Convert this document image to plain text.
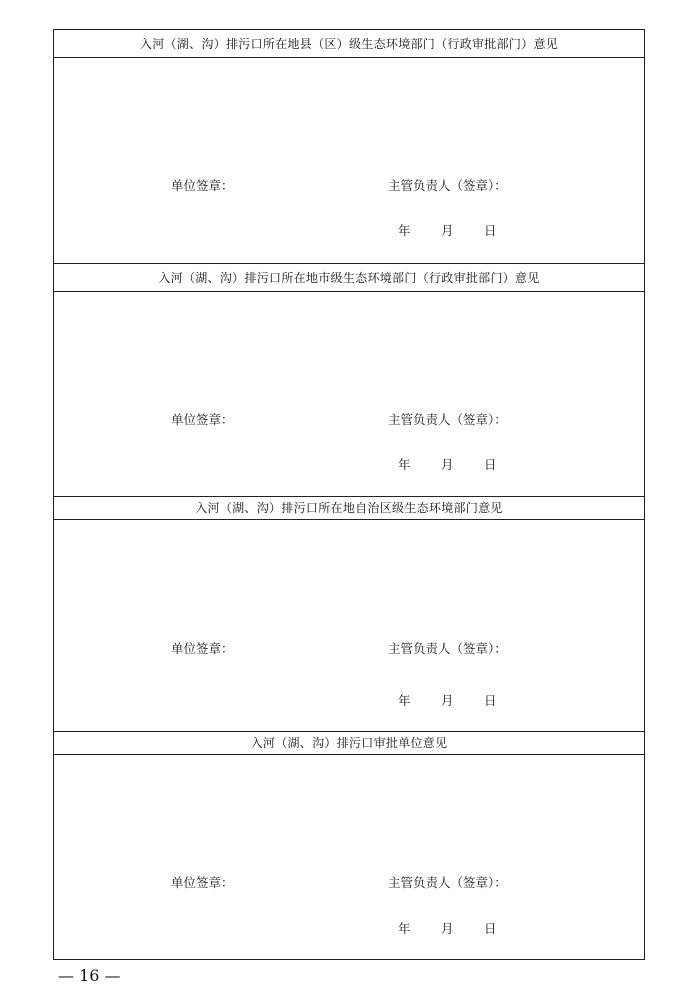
入河（湖、沟）排污口所在地县（区）级生态环境部门（行政审批部门）意见
单位签章：	主管负责人（签章）：
年 月 日
入河（湖、沟）排污口所在地市级生态环境部门（行政审批部门）意见
单位签章：	主管负责人（签章）：
年 月 日
入河（湖、沟）排污口所在地自治区级生态环境部门意见
单位签章：	主管负责人（签章）：
年 月 日
入河（湖、沟）排污口审批单位意见
单位签章：	主管负责人（签章）：
年 月 日
— 16 —
